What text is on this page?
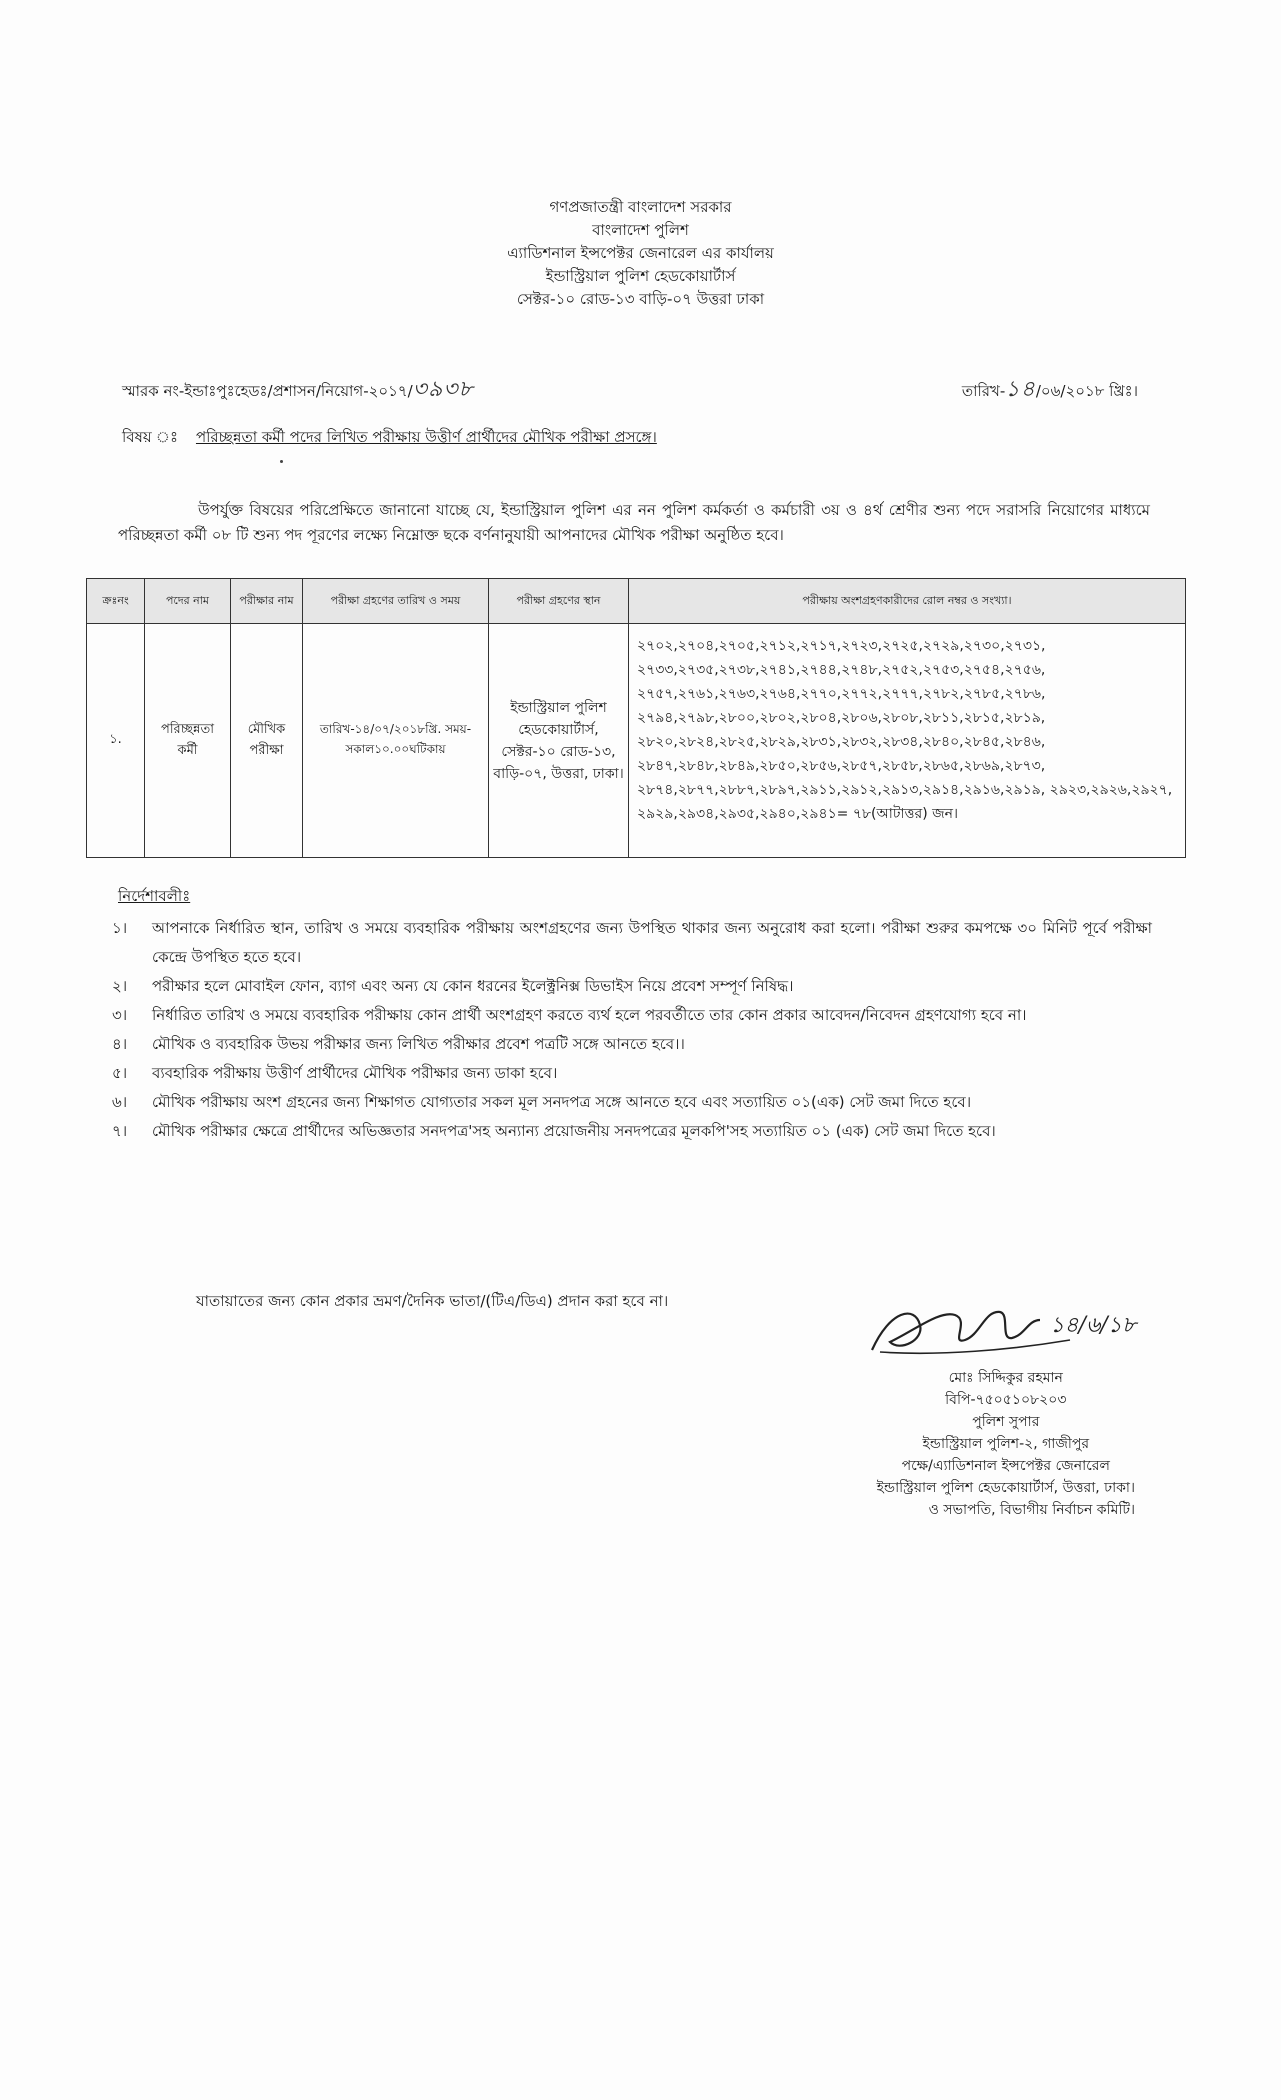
গণপ্রজাতন্ত্রী বাংলাদেশ সরকার
বাংলাদেশ পুলিশ
এ্যাডিশনাল ইন্সপেক্টর জেনারেল এর কার্যালয়
ইন্ডাস্ট্রিয়াল পুলিশ হেডকোয়ার্টার্স
সেক্টর-১০ রোড-১৩ বাড়ি-০৭ উত্তরা ঢাকা
স্মারক নং-ইন্ডাঃপুঃহেডঃ/প্রশাসন/নিয়োগ-২০১৭/৩৯৩৮	তারিখ-১৪/০৬/২০১৮ খ্রিঃ।
বিষয় ঃ পরিচ্ছন্নতা কর্মী পদের লিখিত পরীক্ষায় উত্তীর্ণ প্রার্থীদের মৌখিক পরীক্ষা প্রসঙ্গে।
উপর্যুক্ত বিষয়ের পরিপ্রেক্ষিতে জানানো যাচ্ছে যে, ইন্ডাস্ট্রিয়াল পুলিশ এর নন পুলিশ কর্মকর্তা ও কর্মচারী ৩য় ও ৪র্থ শ্রেণীর শুন্য পদে সরাসরি নিয়োগের মাধ্যমে পরিচ্ছন্নতা কর্মী ০৮ টি শুন্য পদ পূরণের লক্ষ্যে নিম্নোক্ত ছকে বর্ণনানুযায়ী আপনাদের মৌখিক পরীক্ষা অনুষ্ঠিত হবে।
ক্রঃনং	পদের নাম	পরীক্ষার নাম	পরীক্ষা গ্রহণের তারিখ ও সময়	পরীক্ষা গ্রহণের স্থান	পরীক্ষায় অংশগ্রহণকারীদের রোল নম্বর ও সংখ্যা।
১.	পরিচ্ছন্নতা কর্মী	মৌখিক পরীক্ষা	তারিখ-১৪/০৭/২০১৮খ্রি. সময়-সকাল১০.০০ঘটিকায়	ইন্ডাস্ট্রিয়াল পুলিশ হেডকোয়ার্টার্স, সেক্টর-১০ রোড-১৩, বাড়ি-০৭, উত্তরা, ঢাকা।	২৭০২,২৭০৪,২৭০৫,২৭১২,২৭১৭,২৭২৩,২৭২৫,২৭২৯,২৭৩০,২৭৩১, ২৭৩৩,২৭৩৫,২৭৩৮,২৭৪১,২৭৪৪,২৭৪৮,২৭৫২,২৭৫৩,২৭৫৪,২৭৫৬, ২৭৫৭,২৭৬১,২৭৬৩,২৭৬৪,২৭৭০,২৭৭২,২৭৭৭,২৭৮২,২৭৮৫,২৭৮৬, ২৭৯৪,২৭৯৮,২৮০০,২৮০২,২৮০৪,২৮০৬,২৮০৮,২৮১১,২৮১৫,২৮১৯, ২৮২০,২৮২৪,২৮২৫,২৮২৯,২৮৩১,২৮৩২,২৮৩৪,২৮৪০,২৮৪৫,২৮৪৬, ২৮৪৭,২৮৪৮,২৮৪৯,২৮৫০,২৮৫৬,২৮৫৭,২৮৫৮,২৮৬৫,২৮৬৯,২৮৭৩, ২৮৭৪,২৮৭৭,২৮৮৭,২৮৯৭,২৯১১,২৯১২,২৯১৩,২৯১৪,২৯১৬,২৯১৯, ২৯২৩,২৯২৬,২৯২৭, ২৯২৯,২৯৩৪,২৯৩৫,২৯৪০,২৯৪১= ৭৮(আটাত্তর) জন।
নির্দেশাবলীঃ
১।	আপনাকে নির্ধারিত স্থান, তারিখ ও সময়ে ব্যবহারিক পরীক্ষায় অংশগ্রহণের জন্য উপস্থিত থাকার জন্য অনুরোধ করা হলো। পরীক্ষা শুরুর কমপক্ষে ৩০ মিনিট পূর্বে পরীক্ষা কেন্দ্রে উপস্থিত হতে হবে।
২।	পরীক্ষার হলে মোবাইল ফোন, ব্যাগ এবং অন্য যে কোন ধরনের ইলেক্ট্রনিক্স ডিভাইস নিয়ে প্রবেশ সম্পূর্ণ নিষিদ্ধ।
৩।	নির্ধারিত তারিখ ও সময়ে ব্যবহারিক পরীক্ষায় কোন প্রার্থী অংশগ্রহণ করতে ব্যর্থ হলে পরবর্তীতে তার কোন প্রকার আবেদন/নিবেদন গ্রহণযোগ্য হবে না।
৪।	মৌখিক ও ব্যবহারিক উভয় পরীক্ষার জন্য লিখিত পরীক্ষার প্রবেশ পত্রটি সঙ্গে আনতে হবে।।
৫।	ব্যবহারিক পরীক্ষায় উত্তীর্ণ প্রার্থীদের মৌখিক পরীক্ষার জন্য ডাকা হবে।
৬।	মৌখিক পরীক্ষায় অংশ গ্রহনের জন্য শিক্ষাগত যোগ্যতার সকল মূল সনদপত্র সঙ্গে আনতে হবে এবং সত্যায়িত ০১(এক) সেট জমা দিতে হবে।
৭।	মৌখিক পরীক্ষার ক্ষেত্রে প্রার্থীদের অভিজ্ঞতার সনদপত্র'সহ অন্যান্য প্রয়োজনীয় সনদপত্রের মূলকপি'সহ সত্যায়িত ০১ (এক) সেট জমা দিতে হবে।
যাতায়াতের জন্য কোন প্রকার ভ্রমণ/দৈনিক ভাতা/(টিএ/ডিএ) প্রদান করা হবে না।
১৪/৬/১৮
মোঃ সিদ্দিকুর রহমান
বিপি-৭৫০৫১০৮২০৩
পুলিশ সুপার
ইন্ডাস্ট্রিয়াল পুলিশ-২, গাজীপুর
পক্ষে/এ্যাডিশনাল ইন্সপেক্টর জেনারেল
ইন্ডাস্ট্রিয়াল পুলিশ হেডকোয়ার্টার্স, উত্তরা, ঢাকা।
ও সভাপতি, বিভাগীয় নির্বাচন কমিটি।
